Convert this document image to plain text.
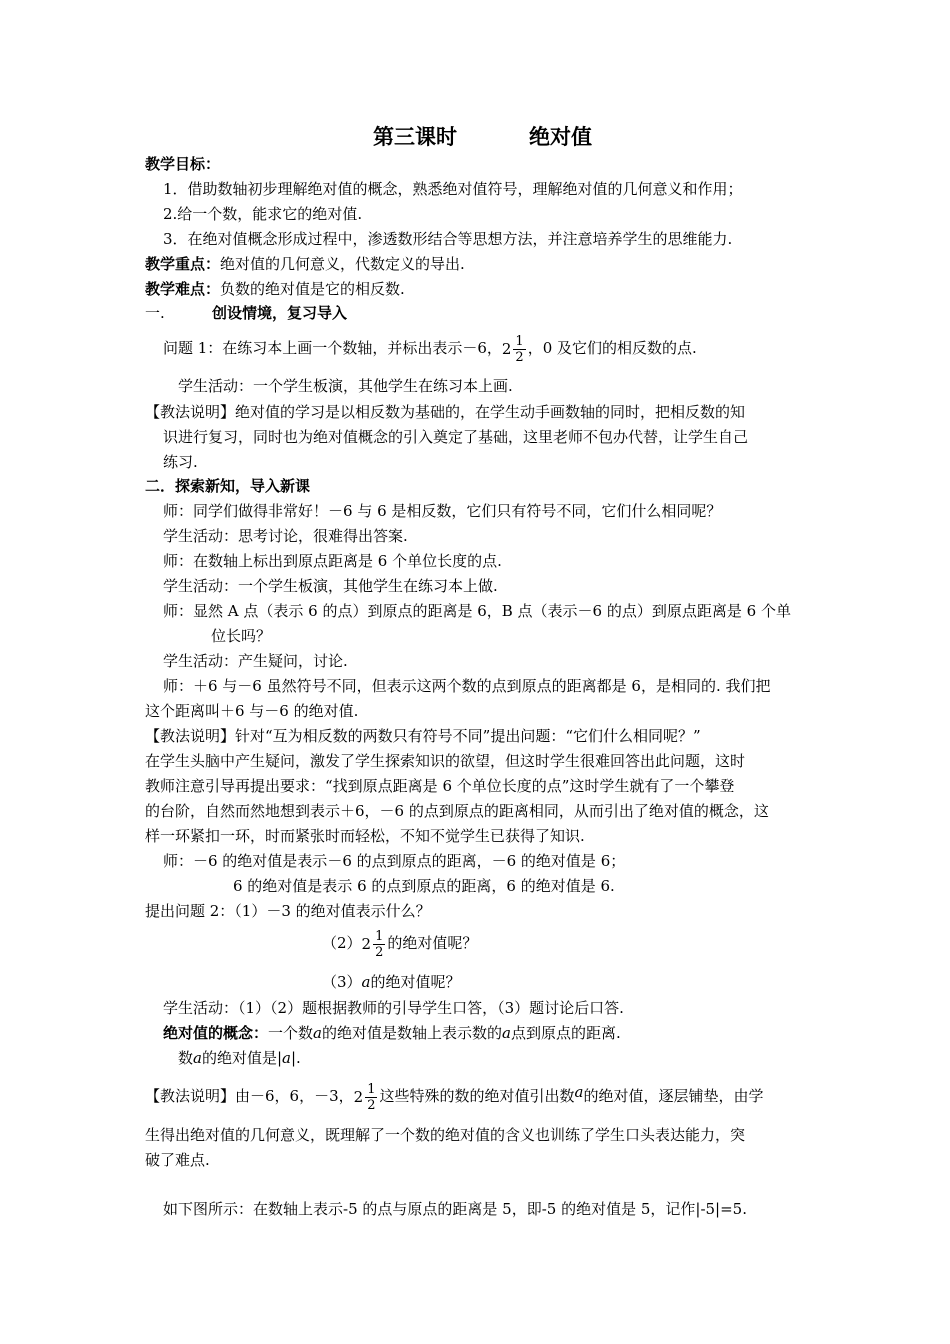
第三课时	绝对值
教学目标：
1．借助数轴初步理解绝对值的概念，熟悉绝对值符号，理解绝对值的几何意义和作用；
2.给一个数，能求它的绝对值.
3．在绝对值概念形成过程中，渗透数形结合等思想方法，并注意培养学生的思维能力.
教学重点：绝对值的几何意义，代数定义的导出.
教学难点：负数的绝对值是它的相反数.
一.	创设情境，复习导入
问题 1：在练习本上画一个数轴，并标出表示－6，$2 \frac{1}{2}$ ，0 及它们的相反数的点.
学生活动：一个学生板演，其他学生在练习本上画.
【教法说明】绝对值的学习是以相反数为基础的，在学生动手画数轴的同时，把相反数的知
识进行复习，同时也为绝对值概念的引入奠定了基础，这里老师不包办代替，让学生自己
练习.
二．探索新知，导入新课
师：同学们做得非常好！－6 与 6 是相反数，它们只有符号不同，它们什么相同呢？
学生活动：思考讨论，很难得出答案.
师：在数轴上标出到原点距离是 6 个单位长度的点.
学生活动：一个学生板演，其他学生在练习本上做.
师：显然 A 点（表示 6 的点）到原点的距离是 6，B 点（表示－6 的点）到原点距离是 6 个单
位长吗？
学生活动：产生疑问，讨论.
师：＋6 与－6 虽然符号不同，但表示这两个数的点到原点的距离都是 6，是相同的. 我们把
这个距离叫＋6 与－6 的绝对值.
【教法说明】针对“互为相反数的两数只有符号不同”提出问题：“它们什么相同呢？”
在学生头脑中产生疑问，激发了学生探索知识的欲望，但这时学生很难回答出此问题，这时
教师注意引导再提出要求：“找到原点距离是 6 个单位长度的点”这时学生就有了一个攀登
的台阶，自然而然地想到表示＋6，－6 的点到原点的距离相同，从而引出了绝对值的概念，这
样一环紧扣一环，时而紧张时而轻松，不知不觉学生已获得了知识.
师：－6 的绝对值是表示－6 的点到原点的距离，－6 的绝对值是 6；
6 的绝对值是表示 6 的点到原点的距离，6 的绝对值是 6.
提出问题 2：（1）－3 的绝对值表示什么？
$(2)2 \frac{1}{2}$ 的绝对值呢？
（3）a的绝对值呢？
学生活动：（1）（2）题根据教师的引导学生口答，（3）题讨论后口答.
绝对值的概念：一个数a的绝对值是数轴上表示数的a点到原点的距离.
数a的绝对值是|a|.
【教法说明】由－6，6，－3，$2 \frac{1}{2}$ 这些特殊的数的绝对值引出数a的绝对值，逐层铺垫，由学
生得出绝对值的几何意义，既理解了一个数的绝对值的含义也训练了学生口头表达能力，突
破了难点.
如下图所示：在数轴上表示-5 的点与原点的距离是 5，即-5 的绝对值是 5，记作|-5|=5.
